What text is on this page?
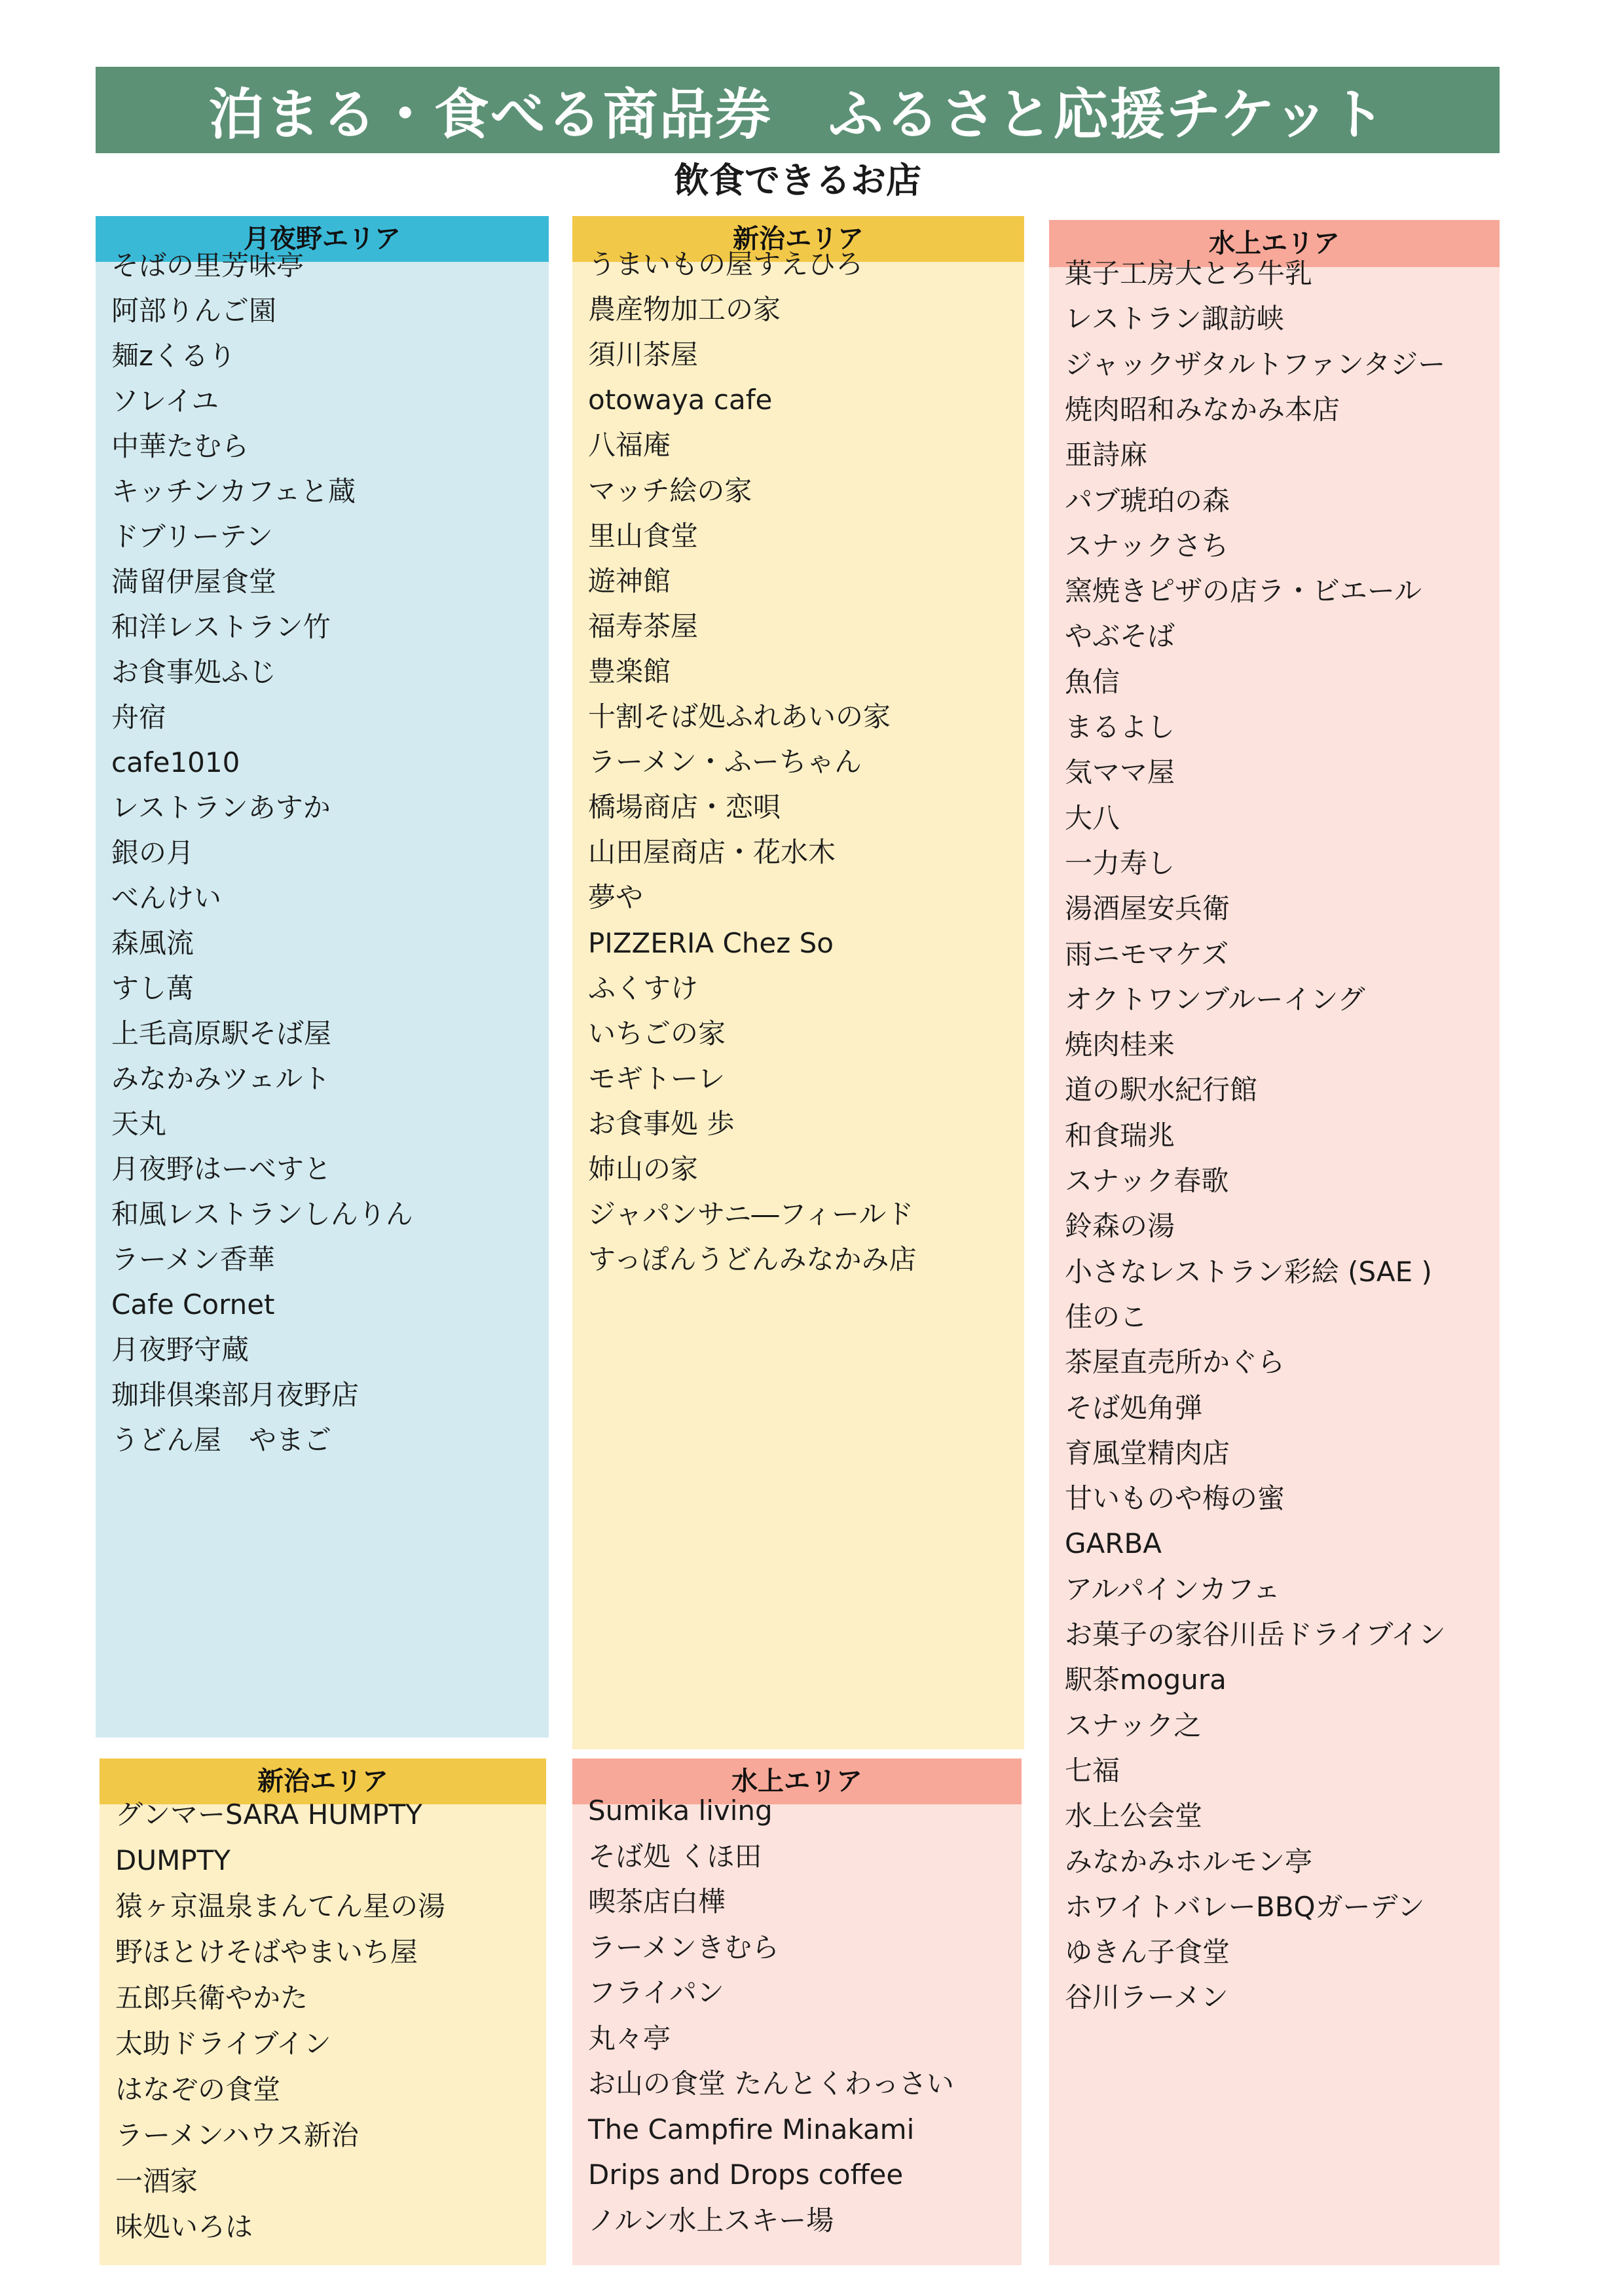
泊まる・食べる商品券　ふるさと応援チケット
飲食できるお店
月夜野エリア
そばの里芳味亭
阿部りんご園
麺zくるり
ソレイユ
中華たむら
キッチンカフェと蔵
ドブリーテン
満留伊屋食堂
和洋レストラン竹
お食事処ふじ
舟宿
cafe1010
レストランあすか
銀の月
べんけい
森風流
すし萬
上毛高原駅そば屋
みなかみツェルト
天丸
月夜野はーべすと
和風レストランしんりん
ラーメン香華
Cafe Cornet
月夜野守蔵
珈琲倶楽部月夜野店
うどん屋　やまご
新治エリア
うまいもの屋すえひろ
農産物加工の家
須川茶屋
otowaya cafe
八福庵
マッチ絵の家
里山食堂
遊神館
福寿茶屋
豊楽館
十割そば処ふれあいの家
ラーメン・ふーちゃん
橋場商店・恋唄
山田屋商店・花水木
夢や
PIZZERIA Chez So
ふくすけ
いちごの家
モギトーレ
お食事処 歩
姉山の家
ジャパンサニ―フィールド
すっぽんうどんみなかみ店
水上エリア
菓子工房大とろ牛乳
レストラン諏訪峡
ジャックザタルトファンタジー
焼肉昭和みなかみ本店
亜詩麻
パブ琥珀の森
スナックさち
窯焼きピザの店ラ・ビエール
やぶそば
魚信
まるよし
気ママ屋
大八
一力寿し
湯酒屋安兵衛
雨ニモマケズ
オクトワンブルーイング
焼肉桂来
道の駅水紀行館
和食瑞兆
スナック春歌
鈴森の湯
小さなレストラン彩絵 (SAE )
佳のこ
茶屋直売所かぐら
そば処角弾
育風堂精肉店
甘いものや梅の蜜
GARBA
アルパインカフェ
お菓子の家谷川岳ドライブイン
駅茶mogura
スナック之
七福
水上公会堂
みなかみホルモン亭
ホワイトバレーBBQガーデン
ゆきん子食堂
谷川ラーメン
新治エリア
グンマーSARA HUMPTY
DUMPTY
猿ヶ京温泉まんてん星の湯
野ほとけそばやまいち屋
五郎兵衛やかた
太助ドライブイン
はなぞの食堂
ラーメンハウス新治
一酒家
味処いろは
水上エリア
Sumika living
そば処 くほ田
喫茶店白樺
ラーメンきむら
フライパン
丸々亭
お山の食堂 たんとくわっさい
The Campfire Minakami
Drips and Drops coffee
ノルン水上スキー場
